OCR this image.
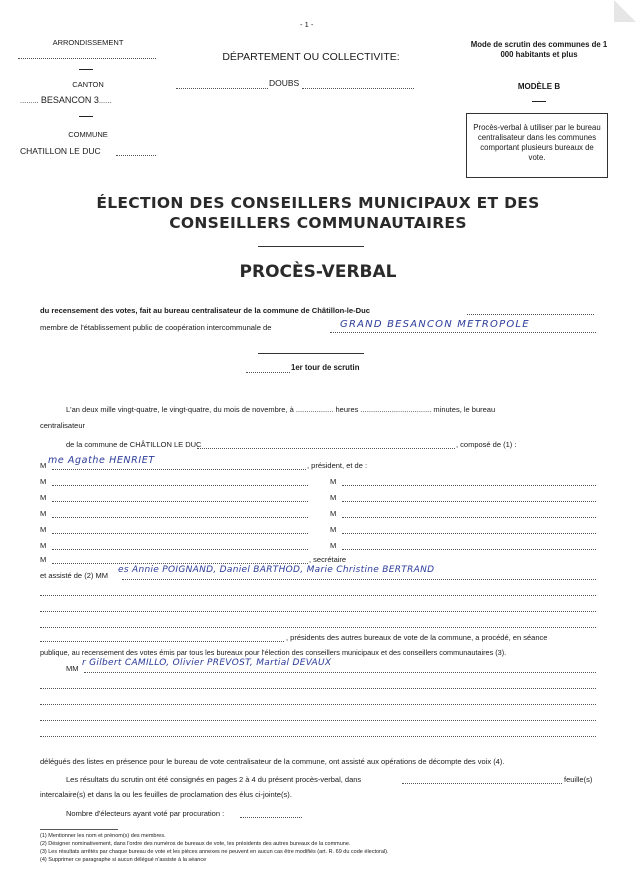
- 1 -
ARRONDISSEMENT
CANTON
......... BESANCON 3......
COMMUNE
CHATILLON LE DUC
DÉPARTEMENT OU COLLECTIVITE:
DOUBS
Mode de scrutin des communes de 1 000 habitants et plus
MODÈLE B
Procès-verbal à utiliser par le bureau centralisateur dans les communes comportant plusieurs bureaux de vote.
ÉLECTION DES CONSEILLERS MUNICIPAUX ET DES
CONSEILLERS COMMUNAUTAIRES
PROCÈS-VERBAL
du recensement des votes, fait au bureau centralisateur de la commune de Châtillon-le-Duc
membre de l'établissement public de coopération intercommunale de	GRAND BESANCON METROPOLE
1er tour de scrutin
L'an deux mille vingt-quatre, le vingt-quatre, du mois de novembre, à .................. heures .................................. minutes, le bureau
centralisateur
de la commune de CHÂTILLON LE DUC	, composé de (1) :
M me Agathe HENRIET	, président, et de :
M	M
M	M
M	M
M	M
M	M
M	, secrétaire
et assisté de (2) MM
es Annie POIGNAND, Daniel BARTHOD, Marie Christine BERTRAND
, présidents des autres bureaux de vote de la commune, a procédé, en séance
publique, au recensement des votes émis par tous les bureaux pour l'élection des conseillers municipaux et des conseillers communautaires (3).
MM
r Gilbert CAMILLO, Olivier PREVOST, Martial DEVAUX
délégués des listes en présence pour le bureau de vote centralisateur de la commune, ont assisté aux opérations de décompte des voix (4).
Les résultats du scrutin ont été consignés en pages 2 à 4 du présent procès-verbal, dans	feuille(s)
intercalaire(s) et dans la ou les feuilles de proclamation des élus ci-jointe(s).
Nombre d'électeurs ayant voté par procuration :
(1) Mentionner les nom et prénom(s) des membres.
(2) Désigner nominativement, dans l'ordre des numéros de bureaux de vote, les présidents des autres bureaux de la commune.
(3) Les résultats arrêtés par chaque bureau de vote et les pièces annexes ne peuvent en aucun cas être modifiés (art. R. 69 du code électoral).
(4) Supprimer ce paragraphe si aucun délégué n'assiste à la séance
